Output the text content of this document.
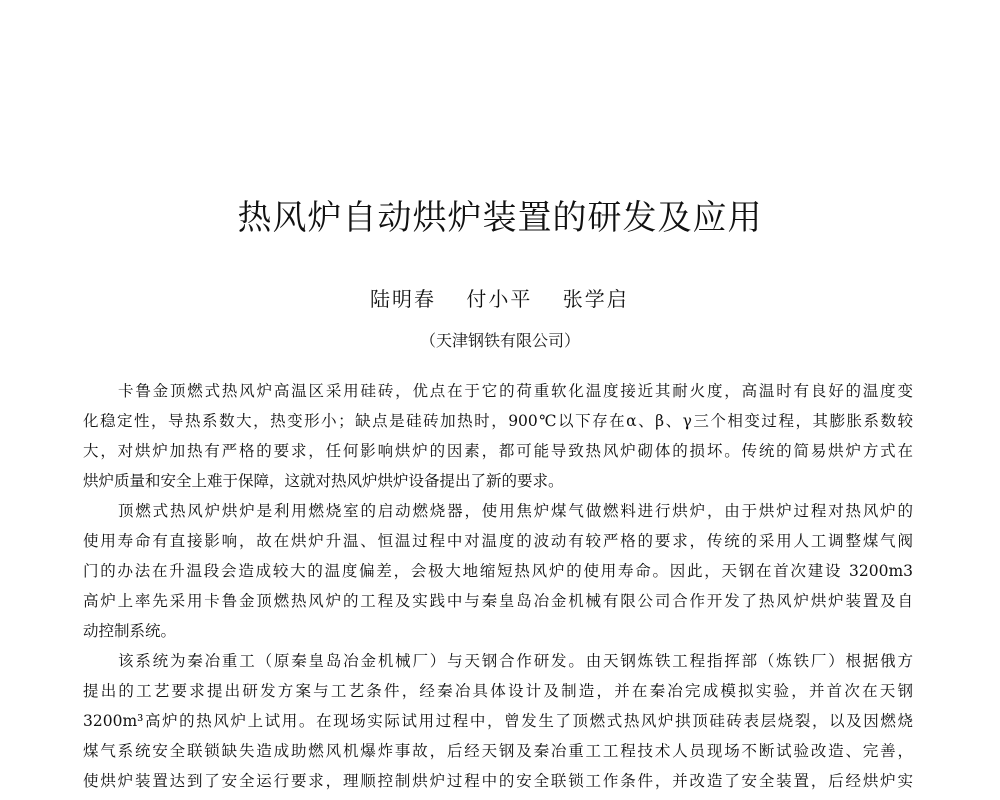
热风炉自动烘炉装置的研发及应用
陆明春 付小平 张学启
（天津钢铁有限公司）
卡鲁金顶燃式热风炉高温区采用硅砖，优点在于它的荷重软化温度接近其耐火度，高温时有良好的温度变
化稳定性，导热系数大，热变形小；缺点是硅砖加热时，900℃以下存在α、β、γ三个相变过程，其膨胀系数较
大，对烘炉加热有严格的要求，任何影响烘炉的因素，都可能导致热风炉砌体的损坏。传统的简易烘炉方式在
烘炉质量和安全上难于保障，这就对热风炉烘炉设备提出了新的要求。
顶燃式热风炉烘炉是利用燃烧室的启动燃烧器，使用焦炉煤气做燃料进行烘炉，由于烘炉过程对热风炉的
使用寿命有直接影响，故在烘炉升温、恒温过程中对温度的波动有较严格的要求，传统的采用人工调整煤气阀
门的办法在升温段会造成较大的温度偏差，会极大地缩短热风炉的使用寿命。因此，天钢在首次建设 3200m3
高炉上率先采用卡鲁金顶燃热风炉的工程及实践中与秦皇岛冶金机械有限公司合作开发了热风炉烘炉装置及自
动控制系统。
该系统为秦冶重工（原秦皇岛冶金机械厂）与天钢合作研发。由天钢炼铁工程指挥部（炼铁厂）根据俄方
提出的工艺要求提出研发方案与工艺条件，经秦冶具体设计及制造，并在秦冶完成模拟实验，并首次在天钢
3200m³高炉的热风炉上试用。在现场实际试用过程中，曾发生了顶燃式热风炉拱顶硅砖表层烧裂，以及因燃烧
煤气系统安全联锁缺失造成助燃风机爆炸事故，后经天钢及秦冶重工工程技术人员现场不断试验改造、完善，
使烘炉装置达到了安全运行要求，理顺控制烘炉过程中的安全联锁工作条件，并改造了安全装置，后经烘炉实
